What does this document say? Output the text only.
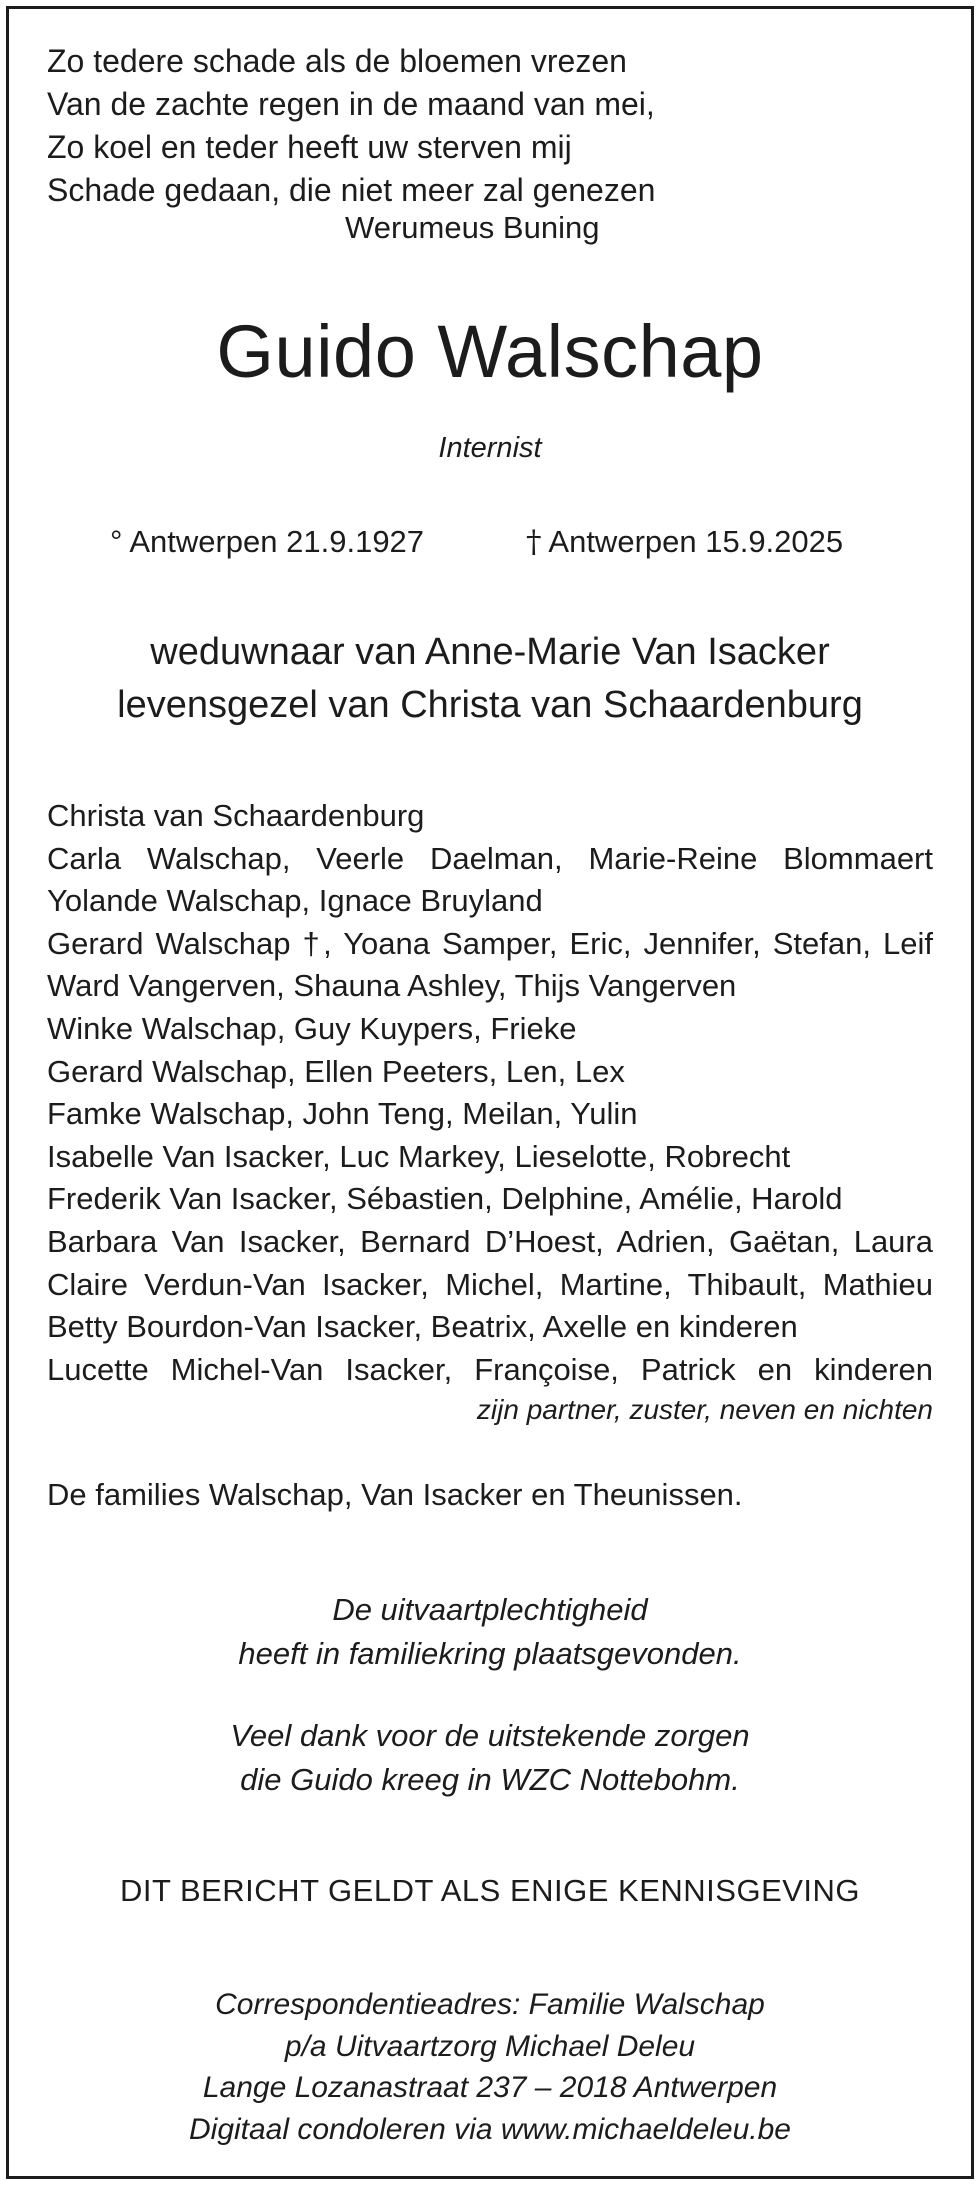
Zo tedere schade als de bloemen vrezen
Van de zachte regen in de maand van mei,
Zo koel en teder heeft uw sterven mij
Schade gedaan, die niet meer zal genezen
Werumeus Buning
Guido Walschap
Internist
° Antwerpen 21.9.1927	† Antwerpen 15.9.2025
weduwnaar van Anne-Marie Van Isacker
levensgezel van Christa van Schaardenburg
Christa van Schaardenburg
Carla Walschap, Veerle Daelman, Marie-Reine Blommaert
Yolande Walschap, Ignace Bruyland
Gerard Walschap †, Yoana Samper, Eric, Jennifer, Stefan, Leif
Ward Vangerven, Shauna Ashley, Thijs Vangerven
Winke Walschap, Guy Kuypers, Frieke
Gerard Walschap, Ellen Peeters, Len, Lex
Famke Walschap, John Teng, Meilan, Yulin
Isabelle Van Isacker, Luc Markey, Lieselotte, Robrecht
Frederik Van Isacker, Sébastien, Delphine, Amélie, Harold
Barbara Van Isacker, Bernard D’Hoest, Adrien, Gaëtan, Laura
Claire Verdun-Van Isacker, Michel, Martine, Thibault, Mathieu
Betty Bourdon-Van Isacker, Beatrix, Axelle en kinderen
Lucette Michel-Van Isacker, Françoise, Patrick en kinderen
zijn partner, zuster, neven en nichten
De families Walschap, Van Isacker en Theunissen.
De uitvaartplechtigheid
heeft in familiekring plaatsgevonden.
Veel dank voor de uitstekende zorgen
die Guido kreeg in WZC Nottebohm.
DIT BERICHT GELDT ALS ENIGE KENNISGEVING
Correspondentieadres: Familie Walschap
p/a Uitvaartzorg Michael Deleu
Lange Lozanastraat 237 – 2018 Antwerpen
Digitaal condoleren via www.michaeldeleu.be
